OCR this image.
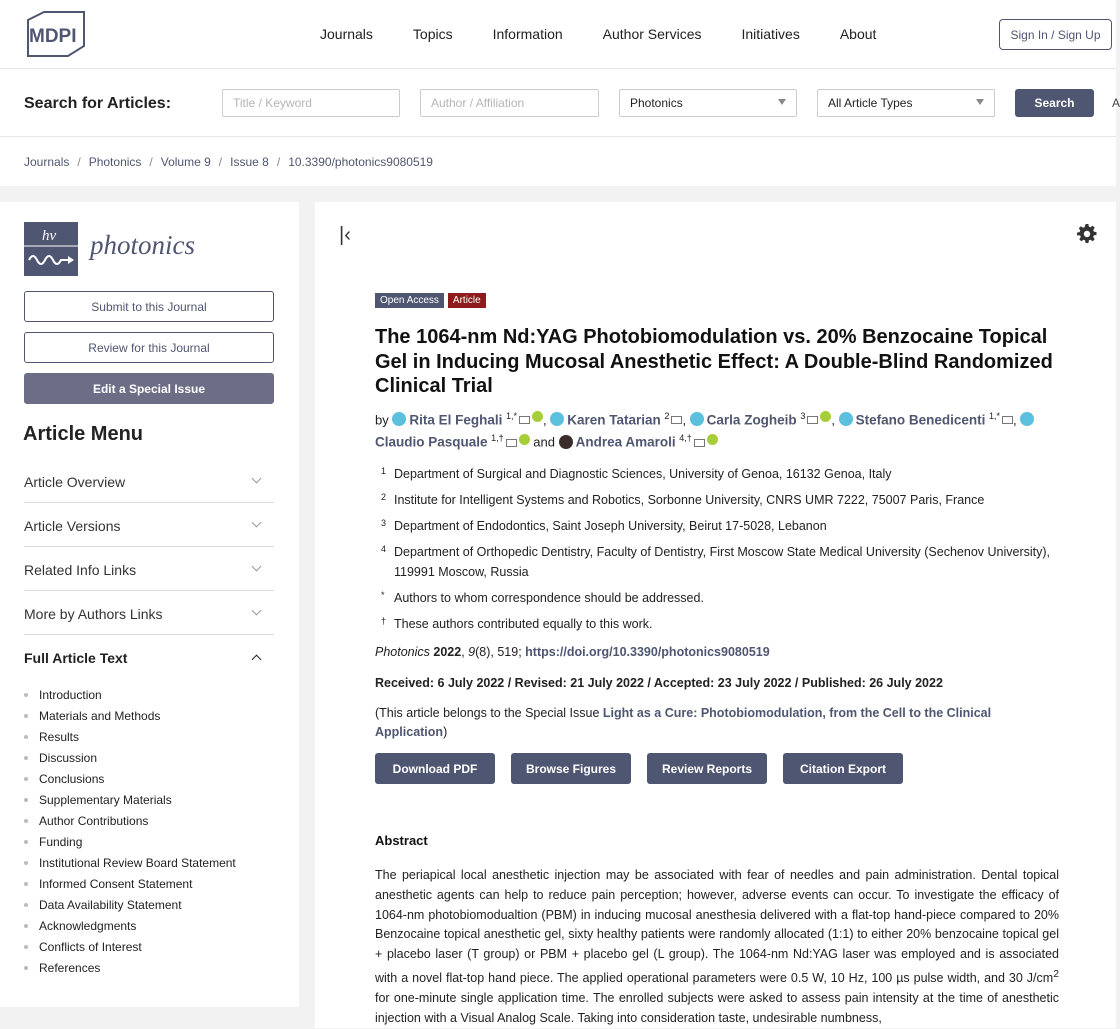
MDPI	Journals	Topics	Information	Author Services	Initiatives	About	Sign In / Sign Up
Search for Articles:
Title / Keyword
Author / Affiliation	Photonics	All Article Types	Search	A
Journals / Photonics / Volume 9 / Issue 8 / 10.3390/photonics9080519
hv photonics
Submit to this Journal
Review for this Journal
Edit a Special Issue
Article Menu
Article Overview
Article Versions
Related Info Links
More by Authors Links
Full Article Text
Introduction
Materials and Methods
Results
Discussion
Conclusions
Supplementary Materials
Author Contributions
Funding
Institutional Review Board Statement
Informed Consent Statement
Data Availability Statement
Acknowledgments
Conflicts of Interest
References
|‹
Open Access	Article
The 1064-nm Nd:YAG Photobiomodulation vs. 20% Benzocaine Topical Gel in Inducing Mucosal Anesthetic Effect: A Double-Blind Randomized Clinical Trial
by Rita El Feghali $^{1,*}$ , Karen Tatarian $^2$ , Carla Zogheib $^3$ , Stefano Benedicenti $^{1,*}$ , Claudio Pasquale $^{1,\dagger}$ and Andrea Amaroli $^{4,\dagger}$
1 Department of Surgical and Diagnostic Sciences, University of Genoa, 16132 Genoa, Italy
2 Institute for Intelligent Systems and Robotics, Sorbonne University, CNRS UMR 7222, 75007 Paris, France
3 Department of Endodontics, Saint Joseph University, Beirut 17-5028, Lebanon
4 Department of Orthopedic Dentistry, Faculty of Dentistry, First Moscow State Medical University (Sechenov University), 119991 Moscow, Russia
* Authors to whom correspondence should be addressed.
† These authors contributed equally to this work.
Photonics 2022, 9(8), 519; https://doi.org/10.3390/photonics9080519
Received: 6 July 2022 / Revised: 21 July 2022 / Accepted: 23 July 2022 / Published: 26 July 2022
(This article belongs to the Special Issue Light as a Cure: Photobiomodulation, from the Cell to the Clinical Application)
Download PDF	Browse Figures	Review Reports	Citation Export
Abstract
The periapical local anesthetic injection may be associated with fear of needles and pain administration. Dental topical anesthetic agents can help to reduce pain perception; however, adverse events can occur. To investigate the efficacy of 1064-nm photobiomodualtion (PBM) in inducing mucosal anesthesia delivered with a flat-top hand-piece compared to 20% Benzocaine topical anesthetic gel, sixty healthy patients were randomly allocated (1:1) to either 20% benzocaine topical gel + placebo laser (T group) or PBM + placebo gel (L group). The 1064-nm Nd:YAG laser was employed and is associated with a novel flat-top hand piece. The applied operational parameters were 0.5 W, 10 Hz, 100 µs pulse width, and 30 $J/cm^2$ for one-minute single application time. The enrolled subjects were asked to assess pain intensity at the time of anesthetic injection with a Visual Analog Scale. Taking into consideration taste, undesirable numbness,
